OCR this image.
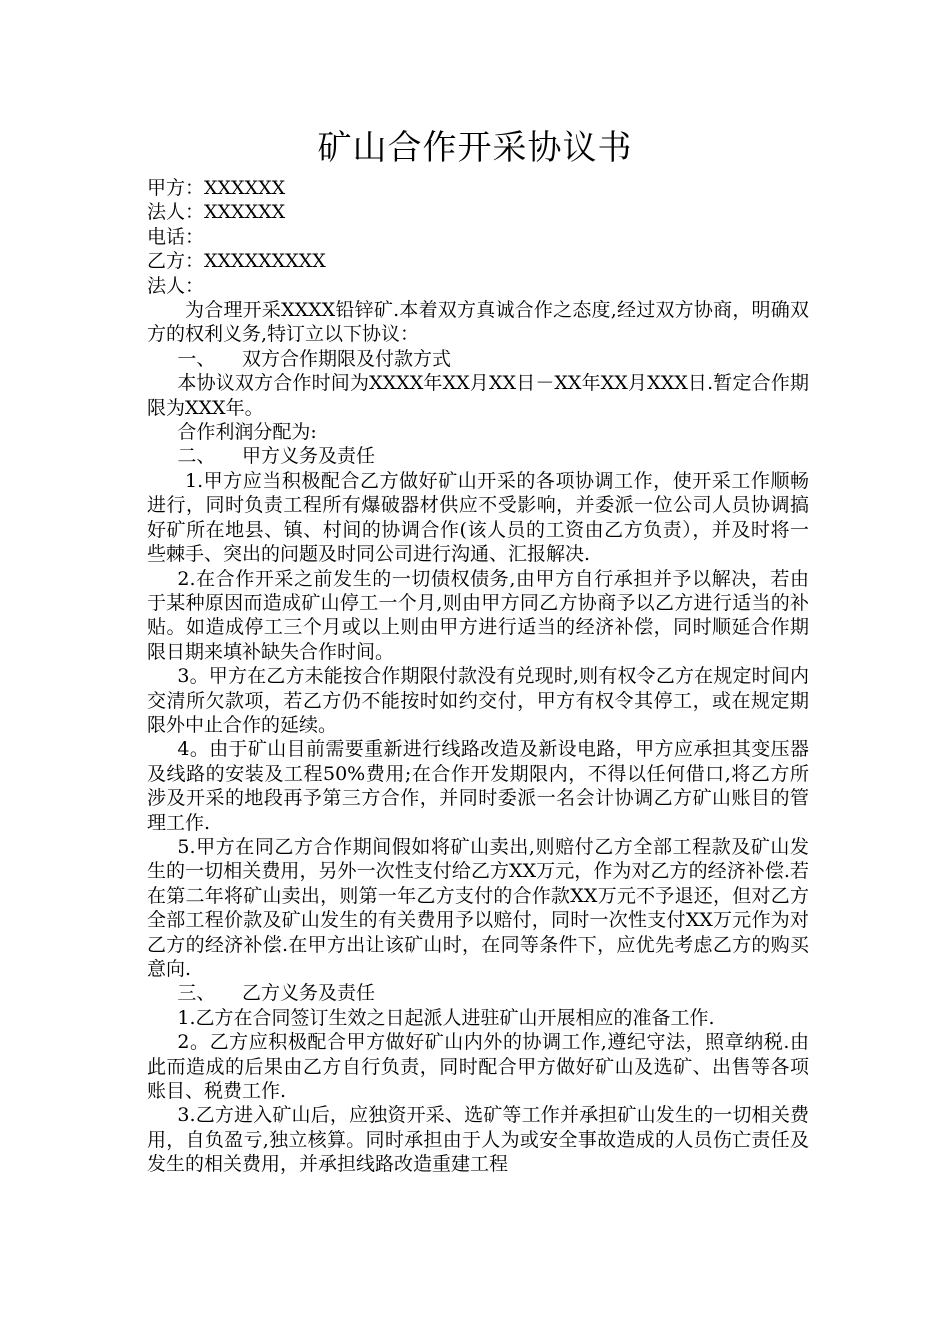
矿山合作开采协议书

甲方：XXXXXX

法人：XXXXXX

电话：

乙方：XXXXXXXXX

法人：

为合理开采XXXX铅锌矿.本着双方真诚合作之态度,经过双方协商，明确双方的权利义务,特订立以下协议：

一、 双方合作期限及付款方式

本协议双方合作时间为XXXX年XX月XX日－XX年XX月XXX日.暂定合作期限为XXX年。

合作利润分配为:

二、 甲方义务及责任

1.甲方应当积极配合乙方做好矿山开采的各项协调工作，使开采工作顺畅进行，同时负责工程所有爆破器材供应不受影响，并委派一位公司人员协调搞好矿所在地县、镇、村间的协调合作(该人员的工资由乙方负责），并及时将一些棘手、突出的问题及时同公司进行沟通、汇报解决.

2.在合作开采之前发生的一切债权债务,由甲方自行承担并予以解决，若由于某种原因而造成矿山停工一个月,则由甲方同乙方协商予以乙方进行适当的补贴。如造成停工三个月或以上则由甲方进行适当的经济补偿，同时顺延合作期限日期来填补缺失合作时间。

3。甲方在乙方未能按合作期限付款没有兑现时,则有权令乙方在规定时间内交清所欠款项，若乙方仍不能按时如约交付，甲方有权令其停工，或在规定期限外中止合作的延续。

4。由于矿山目前需要重新进行线路改造及新设电路，甲方应承担其变压器及线路的安装及工程50%费用;在合作开发期限内，不得以任何借口,将乙方所涉及开采的地段再予第三方合作，并同时委派一名会计协调乙方矿山账目的管理工作.

5.甲方在同乙方合作期间假如将矿山卖出,则赔付乙方全部工程款及矿山发生的一切相关费用，另外一次性支付给乙方XX万元，作为对乙方的经济补偿.若在第二年将矿山卖出，则第一年乙方支付的合作款XX万元不予退还，但对乙方全部工程价款及矿山发生的有关费用予以赔付，同时一次性支付XX万元作为对乙方的经济补偿.在甲方出让该矿山时，在同等条件下，应优先考虑乙方的购买意向.

三、 乙方义务及责任

1.乙方在合同签订生效之日起派人进驻矿山开展相应的准备工作.

2。乙方应积极配合甲方做好矿山内外的协调工作,遵纪守法，照章纳税.由此而造成的后果由乙方自行负责，同时配合甲方做好矿山及选矿、出售等各项账目、税费工作.

3.乙方进入矿山后，应独资开采、选矿等工作并承担矿山发生的一切相关费用，自负盈亏,独立核算。同时承担由于人为或安全事故造成的人员伤亡责任及发生的相关费用，并承担线路改造重建工程
